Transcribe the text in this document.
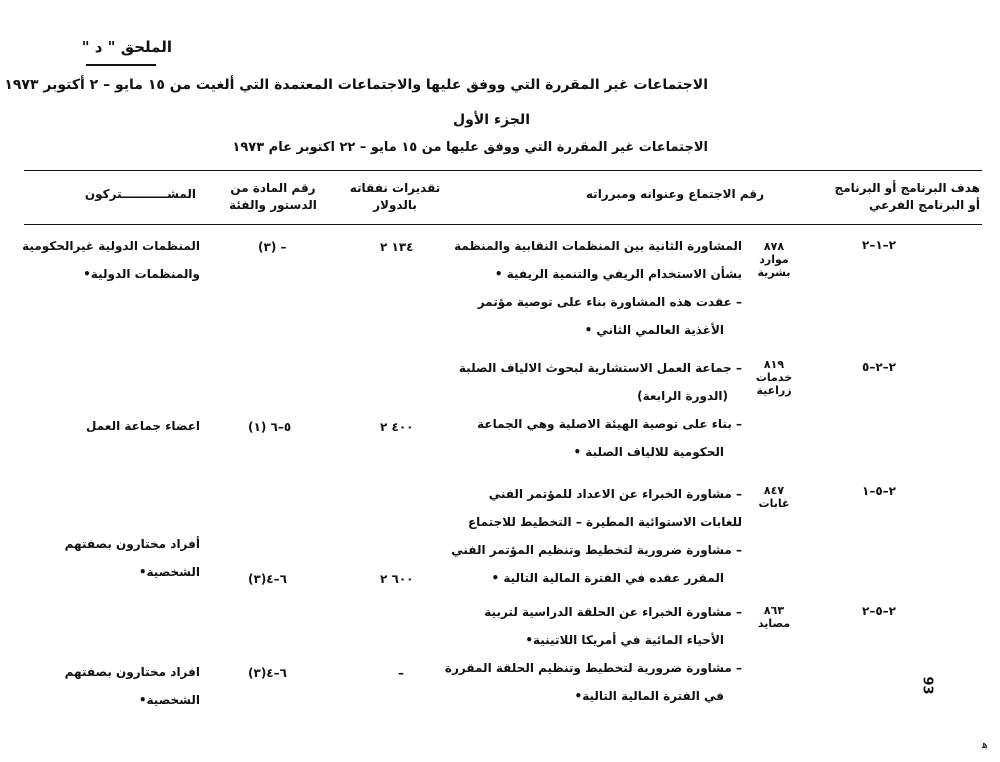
الملحق " د "
الاجتماعات غير المقررة التي ووفق عليها والاجتماعات المعتمدة التي ألغيت من ١٥ مايو – ٢ أكتوبر ١٩٧٣
الجزء الأول
الاجتماعات غير المقررة التي ووفق عليها من ١٥ مايو – ٢٢ اكتوبر عام ١٩٧٣
هدف البرنامج أو البرنامج
أو البرنامج الفرعي
رقم الاجتماع وعنوانه ومبرراته
تقديرات نفقاته
بالدولار
رقم المادة من
الدستور والفئة
المشـــــــــــتركون
٢–١–٢
٨٧٨
موارد
بشرية
المشاورة الثانية بين المنظمات النقابية والمنظمة
بشأن الاستخدام الريفي والتنمية الريفية •
– عقدت هذه المشاورة بناء على توصية مؤتمر
الأغذية العالمي الثاني •
١٣٤ ٢
– (٣)
المنظمات الدولية غيرالحكومية
والمنظمات الدولية•
٢–٢–٥
٨١٩
خدمات
زراعية
– جماعة العمل الاستشارية لبحوث الالياف الصلبة
(الدورة الرابعة)
– بناء على توصية الهيئة الاصلية وهي الجماعة
الحكومية للالياف الصلبة •
٤٠٠ ٢
٥–٦ (١)
اعضاء جماعة العمل
٢–٥–١
٨٤٧
غابات
– مشاورة الخبراء عن الاعداد للمؤتمر الفني
للغابات الاستوائية المطيرة – التخطيط للاجتماع
– مشاورة ضرورية لتخطيط وتنظيم المؤتمر الفني
المقرر عقده في الفترة المالية التالية •
٦٠٠ ٢
٦–٤(٣)
أفراد مختارون بصفتهم
الشخصية•
٢–٥–٢
٨٦٣
مصايد
– مشاورة الخبراء عن الحلقة الدراسية لتربية
الأحياء المائية في أمريكا اللاتينية•
– مشاورة ضرورية لتخطيط وتنظيم الحلقة المقررة
في الفترة المالية التالية•
–
٦–٤(٣)
افراد مختارون بصفتهم
الشخصية•
93
ﻫ
